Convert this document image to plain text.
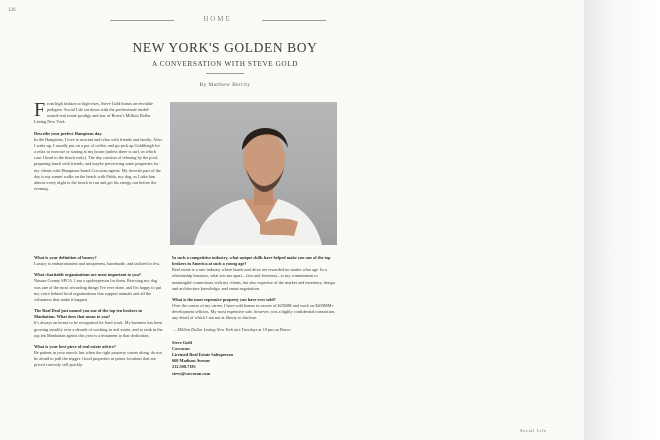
126
HOME
NEW YORK'S GOLDEN BOY
A CONVERSATION WITH STEVE GOLD
By Matthew Berrity

From high fashion to high-rises, Steve Gold boasts an enviable pedigree. Social Life sat down with the professional model-turned-real estate prodigy and star of Bravo's Million Dollar Listing New York.

Describe your perfect Hamptons day.
In the Hamptons, I love to unwind and relax with friends and family. After I wake up, I usually put on a pot of coffee, and go pick up Goldthaigh for a relax to exercise or staring at my house (unless there is surf, in which case I head to the beach early). The day consists of relaxing by the pool, preparing lunch with friends, and maybe previewing some properties for my clients with Hamptons-based Corcoran agents. My favorite part of the day is my sunset walks on the beach with Pablo, my dog, as I take him almost every night to the beach to run and get his energy out before the evening.

What is your definition of luxury?
Luxury is embarrassment and uniqueness, handmade, and tailored to few.

What charitable organizations are most important to you?
Nassau County SPCA. I am a spokesperson for them. Rescuing my dog was one of the most rewarding things I've ever done, and I'm happy to put my voice behind local organizations that support animals and all the volunteers that make it happen.

The Real Deal just named you one of the top ten brokers in Manhattan. What does that mean to you?
It's always an honor to be recognized for hard work. My business has been growing steadily over a decade of working in real estate, and to rank in the top ten Manhattan agents this year is a testament to that dedication.

What is your best piece of real estate advice?
Be patient in your search, but when the right property comes along, do not be afraid to pull the trigger. Good properties in prime locations that are priced correctly sell quickly.

In such a competitive industry, what unique skills have helped make you one of the top brokers in America at such a young age?
Real estate is a rare industry where hustle and drive are rewarded no matter what age. In a relationship business, what sets me apart—first and foremost—is my commitment to meaningful connections with my clients, but also expertise of the market and inventory, design and architecture knowledge, and smart negotiation.

What is the most expensive property you have ever sold?
Over the course of my career, I have sold homes in excess of $25MM and work on $200MM+ development sellouts. My most expensive sale, however, was a highly confidential transaction, any detail of which I am not at liberty to disclose.

→ Million Dollar Listing New York airs Tuesdays at 10 pm on Bravo

Steve Gold
Corcoran
Licensed Real Estate Salesperson
660 Madison Avenue
212.508.7183
steve@corcoran.com
Social Life
